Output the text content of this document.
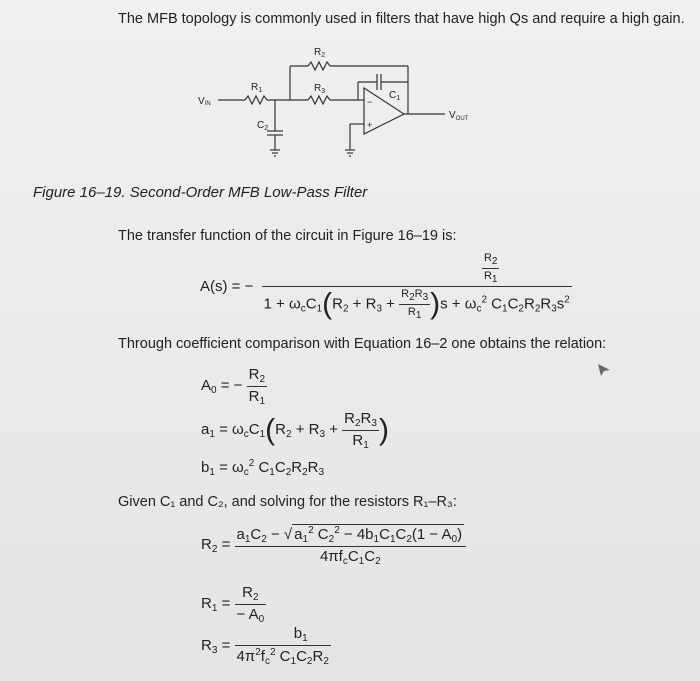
The MFB topology is commonly used in filters that have high Qs and require a high gain.
$R_2$
$R_1$	$R_3$	$C_1$
$C_2$
VIN
$V_{OUT}$
−
+
Figure 16–19. Second-Order MFB Low-Pass Filter
The transfer function of the circuit in Figure 16–19 is:
A(s) = − $\frac{\frac{R_2}{R_1}}{1 + \omega_cC_1(R_2 + R_3 + \frac{R_2R_3}{R_1} )s + \omega_c^2 C_1C_2R_2R_3s^2}$
Through coefficient comparison with Equation 16–2 one obtains the relation:
$A_0$ = − $\frac{R_2}{R_1}$
$a_1 = \omega_cC_1(R_2 + R_3 + \frac{R_2R_3}{R_1}$ )
$b_1 = \omega_c^2$ $C_1C_2R_2R_3$
Given C₁ and C₂, and solving for the resistors R₁–R₃:
$R_2 = \frac{a_1C_2 - √ a_1^2 C_2^2 - 4b_1C_1C_2(1 - A_0)}{4\pi f_cC_1C_2}$
$R_1 = \frac{R_2}{- A_0}$
$R_3 = \frac{b_1}{4\pi^2f_c^2 C_1C_2R_2}$
